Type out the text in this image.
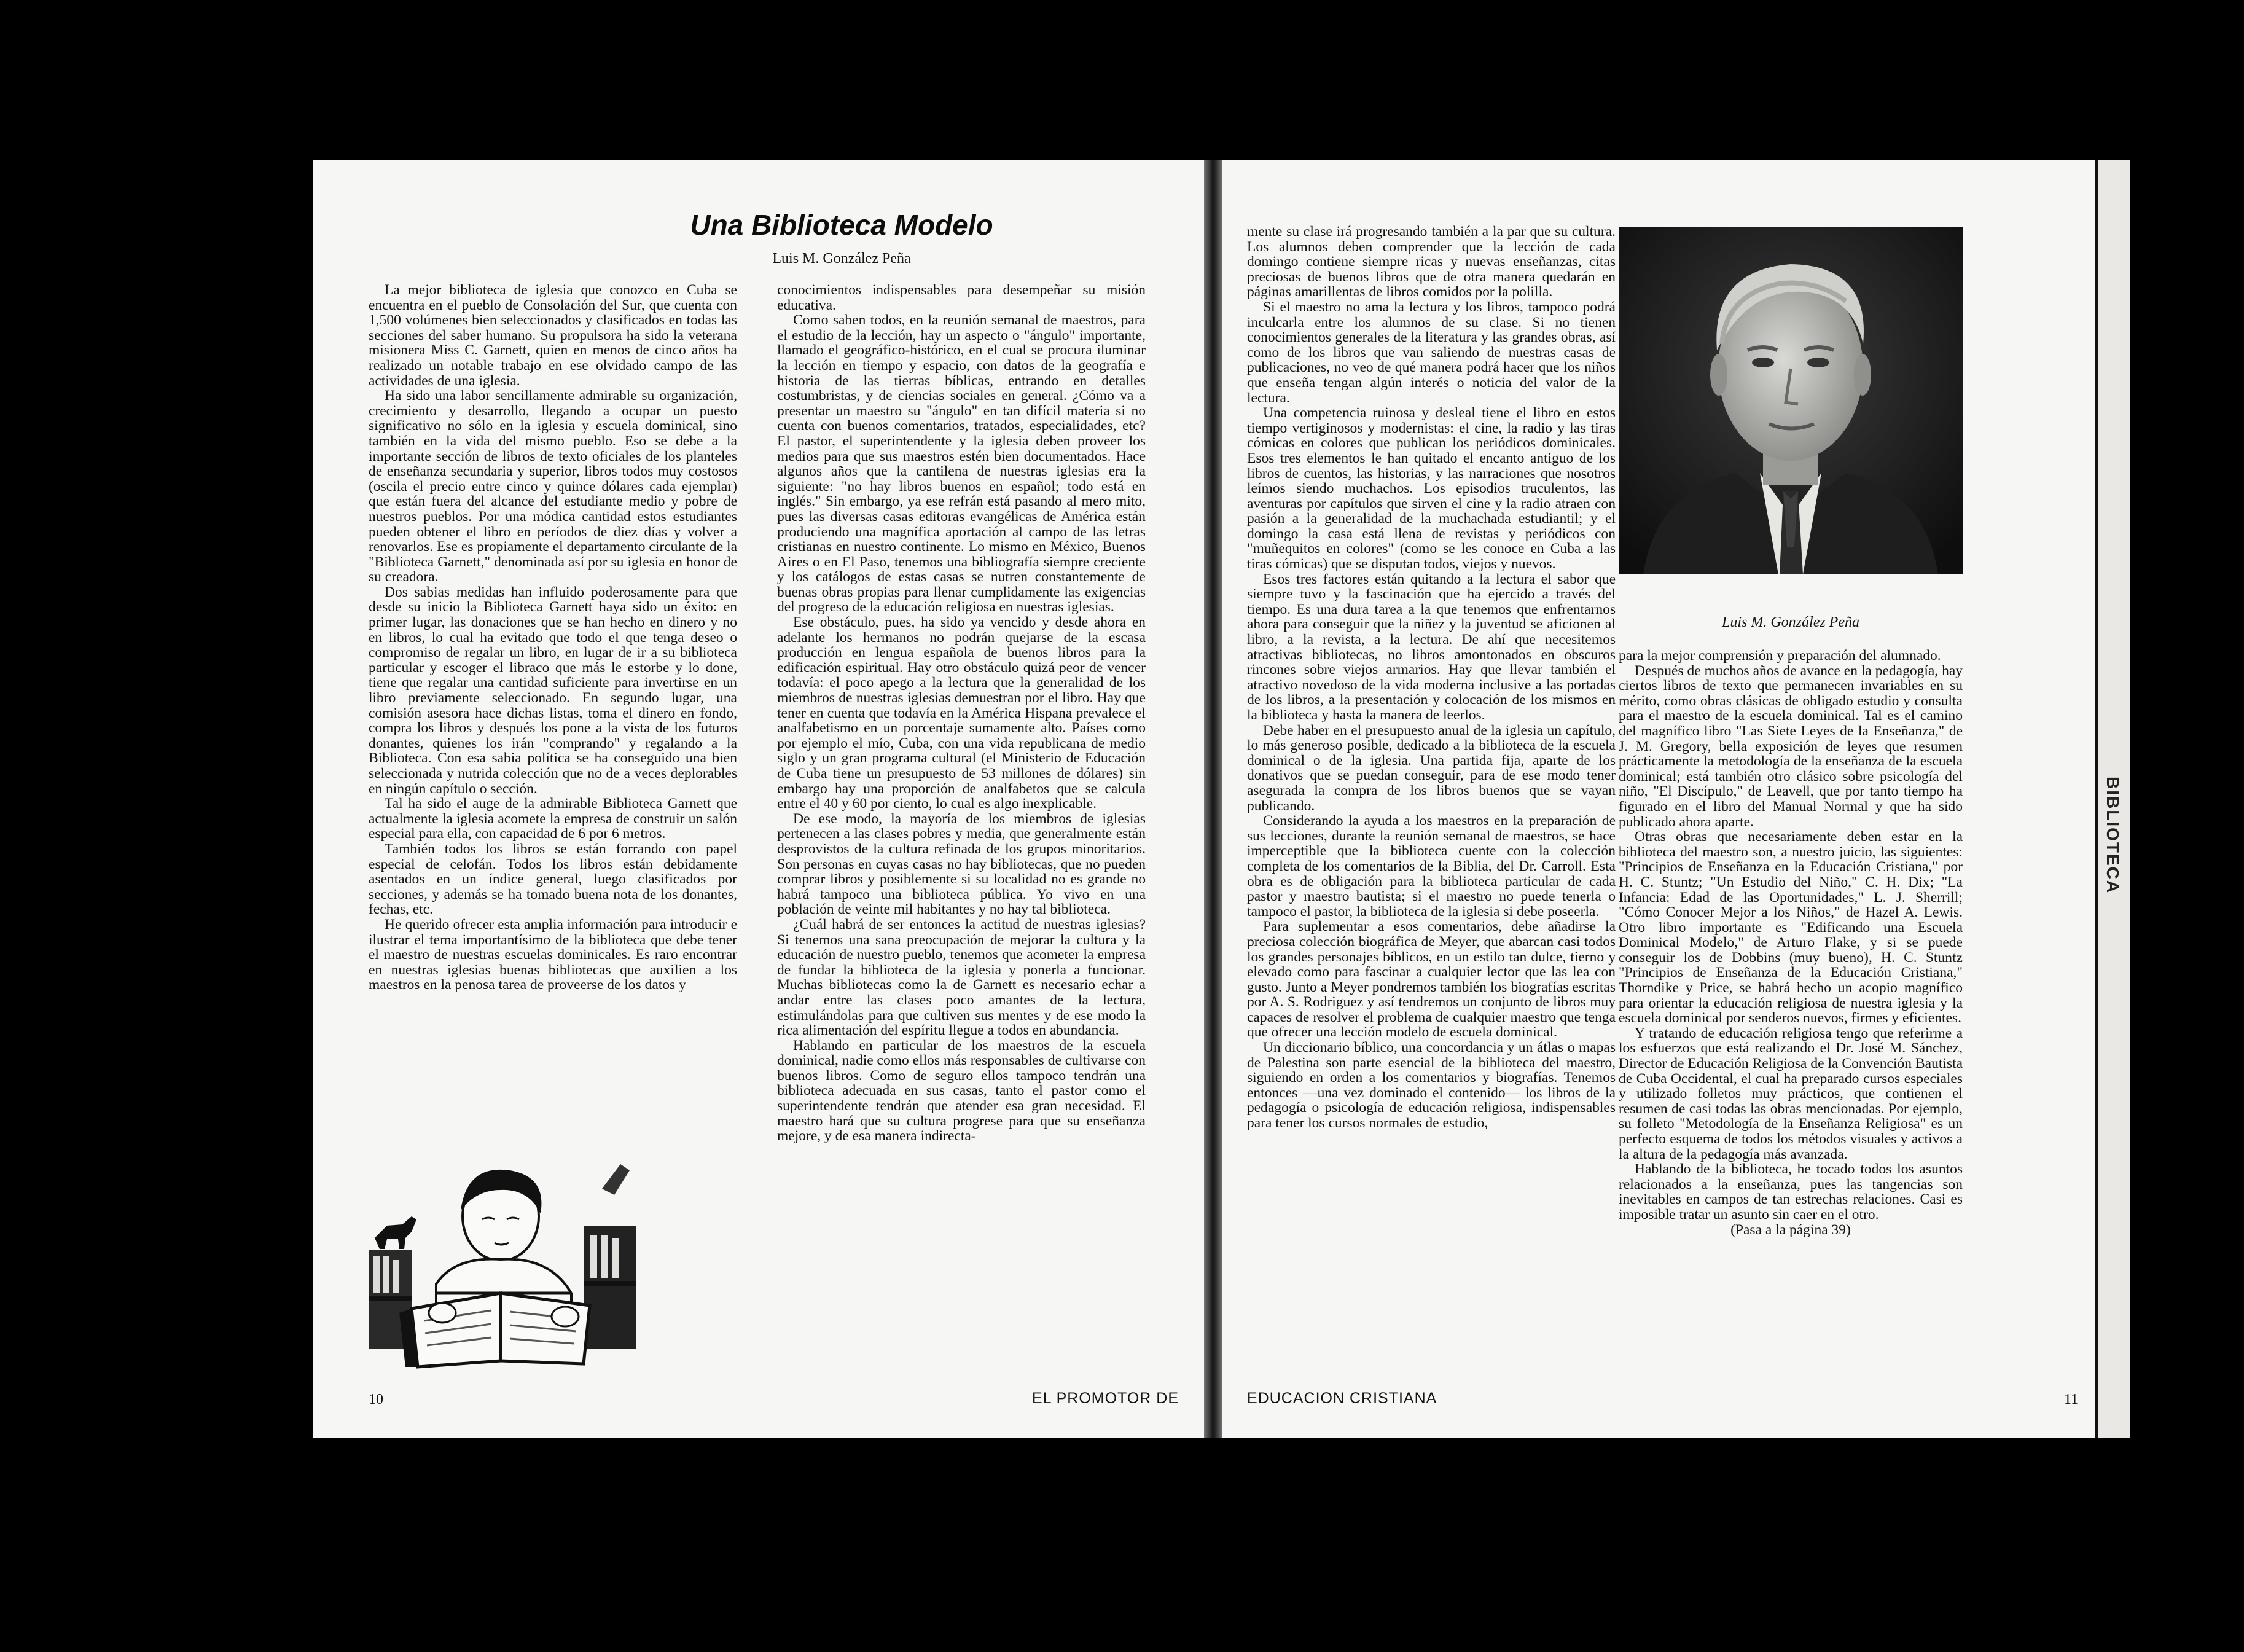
Una Biblioteca Modelo
Luis M. González Peña

La mejor biblioteca de iglesia que conozco en Cuba se encuentra en el pueblo de Consolación del Sur, que cuenta con 1,500 volúmenes bien seleccionados y clasificados en todas las secciones del saber humano. Su propulsora ha sido la veterana misionera Miss C. Garnett, quien en menos de cinco años ha realizado un notable trabajo en ese olvidado campo de las actividades de una iglesia.

Ha sido una labor sencillamente admirable su organización, crecimiento y desarrollo, llegando a ocupar un puesto significativo no sólo en la iglesia y escuela dominical, sino también en la vida del mismo pueblo. Eso se debe a la importante sección de libros de texto oficiales de los planteles de enseñanza secundaria y superior, libros todos muy costosos (oscila el precio entre cinco y quince dólares cada ejemplar) que están fuera del alcance del estudiante medio y pobre de nuestros pueblos. Por una módica cantidad estos estudiantes pueden obtener el libro en períodos de diez días y volver a renovarlos. Ese es propiamente el departamento circulante de la "Biblioteca Garnett," denominada así por su iglesia en honor de su creadora.

Dos sabias medidas han influido poderosamente para que desde su inicio la Biblioteca Garnett haya sido un éxito: en primer lugar, las donaciones que se han hecho en dinero y no en libros, lo cual ha evitado que todo el que tenga deseo o compromiso de regalar un libro, en lugar de ir a su biblioteca particular y escoger el libraco que más le estorbe y lo done, tiene que regalar una cantidad suficiente para invertirse en un libro previamente seleccionado. En segundo lugar, una comisión asesora hace dichas listas, toma el dinero en fondo, compra los libros y después los pone a la vista de los futuros donantes, quienes los irán "comprando" y regalando a la Biblioteca. Con esa sabia política se ha conseguido una bien seleccionada y nutrida colección que no de a veces deplorables en ningún capítulo o sección.

Tal ha sido el auge de la admirable Biblioteca Garnett que actualmente la iglesia acomete la empresa de construir un salón especial para ella, con capacidad de 6 por 6 metros.

También todos los libros se están forrando con papel especial de celofán. Todos los libros están debidamente asentados en un índice general, luego clasificados por secciones, y además se ha tomado buena nota de los donantes, fechas, etc.

He querido ofrecer esta amplia información para introducir e ilustrar el tema importantísimo de la biblioteca que debe tener el maestro de nuestras escuelas dominicales. Es raro encontrar en nuestras iglesias buenas bibliotecas que auxilien a los maestros en la penosa tarea de proveerse de los datos y

conocimientos indispensables para desempeñar su misión educativa.

Como saben todos, en la reunión semanal de maestros, para el estudio de la lección, hay un aspecto o "ángulo" importante, llamado el geográfico-histórico, en el cual se procura iluminar la lección en tiempo y espacio, con datos de la geografía e historia de las tierras bíblicas, entrando en detalles costumbristas, y de ciencias sociales en general. ¿Cómo va a presentar un maestro su "ángulo" en tan difícil materia si no cuenta con buenos comentarios, tratados, especialidades, etc? El pastor, el superintendente y la iglesia deben proveer los medios para que sus maestros estén bien documentados. Hace algunos años que la cantilena de nuestras iglesias era la siguiente: "no hay libros buenos en español; todo está en inglés." Sin embargo, ya ese refrán está pasando al mero mito, pues las diversas casas editoras evangélicas de América están produciendo una magnífica aportación al campo de las letras cristianas en nuestro continente. Lo mismo en México, Buenos Aires o en El Paso, tenemos una bibliografía siempre creciente y los catálogos de estas casas se nutren constantemente de buenas obras propias para llenar cumplidamente las exigencias del progreso de la educación religiosa en nuestras iglesias.

Ese obstáculo, pues, ha sido ya vencido y desde ahora en adelante los hermanos no podrán quejarse de la escasa producción en lengua española de buenos libros para la edificación espiritual. Hay otro obstáculo quizá peor de vencer todavía: el poco apego a la lectura que la generalidad de los miembros de nuestras iglesias demuestran por el libro. Hay que tener en cuenta que todavía en la América Hispana prevalece el analfabetismo en un porcentaje sumamente alto. Países como por ejemplo el mío, Cuba, con una vida republicana de medio siglo y un gran programa cultural (el Ministerio de Educación de Cuba tiene un presupuesto de 53 millones de dólares) sin embargo hay una proporción de analfabetos que se calcula entre el 40 y 60 por ciento, lo cual es algo inexplicable.

De ese modo, la mayoría de los miembros de iglesias pertenecen a las clases pobres y media, que generalmente están desprovistos de la cultura refinada de los grupos minoritarios. Son personas en cuyas casas no hay bibliotecas, que no pueden comprar libros y posiblemente si su localidad no es grande no habrá tampoco una biblioteca pública. Yo vivo en una población de veinte mil habitantes y no hay tal biblioteca.

¿Cuál habrá de ser entonces la actitud de nuestras iglesias? Si tenemos una sana preocupación de mejorar la cultura y la educación de nuestro pueblo, tenemos que acometer la empresa de fundar la biblioteca de la iglesia y ponerla a funcionar. Muchas bibliotecas como la de Garnett es necesario echar a andar entre las clases poco amantes de la lectura, estimulándolas para que cultiven sus mentes y de ese modo la rica alimentación del espíritu llegue a todos en abundancia.

Hablando en particular de los maestros de la escuela dominical, nadie como ellos más responsables de cultivarse con buenos libros. Como de seguro ellos tampoco tendrán una biblioteca adecuada en sus casas, tanto el pastor como el superintendente tendrán que atender esa gran necesidad. El maestro hará que su cultura progrese para que su enseñanza mejore, y de esa manera indirecta-

10	EL PROMOTOR DE

mente su clase irá progresando también a la par que su cultura. Los alumnos deben comprender que la lección de cada domingo contiene siempre ricas y nuevas enseñanzas, citas preciosas de buenos libros que de otra manera quedarán en páginas amarillentas de libros comidos por la polilla.

Si el maestro no ama la lectura y los libros, tampoco podrá inculcarla entre los alumnos de su clase. Si no tienen conocimientos generales de la literatura y las grandes obras, así como de los libros que van saliendo de nuestras casas de publicaciones, no veo de qué manera podrá hacer que los niños que enseña tengan algún interés o noticia del valor de la lectura.

Una competencia ruinosa y desleal tiene el libro en estos tiempo vertiginosos y modernistas: el cine, la radio y las tiras cómicas en colores que publican los periódicos dominicales. Esos tres elementos le han quitado el encanto antiguo de los libros de cuentos, las historias, y las narraciones que nosotros leímos siendo muchachos. Los episodios truculentos, las aventuras por capítulos que sirven el cine y la radio atraen con pasión a la generalidad de la muchachada estudiantil; y el domingo la casa está llena de revistas y periódicos con "muñequitos en colores" (como se les conoce en Cuba a las tiras cómicas) que se disputan todos, viejos y nuevos.

Esos tres factores están quitando a la lectura el sabor que siempre tuvo y la fascinación que ha ejercido a través del tiempo. Es una dura tarea a la que tenemos que enfrentarnos ahora para conseguir que la niñez y la juventud se aficionen al libro, a la revista, a la lectura. De ahí que necesitemos atractivas bibliotecas, no libros amontonados en obscuros rincones sobre viejos armarios. Hay que llevar también el atractivo novedoso de la vida moderna inclusive a las portadas de los libros, a la presentación y colocación de los mismos en la biblioteca y hasta la manera de leerlos.

Debe haber en el presupuesto anual de la iglesia un capítulo, lo más generoso posible, dedicado a la biblioteca de la escuela dominical o de la iglesia. Una partida fija, aparte de los donativos que se puedan conseguir, para de ese modo tener asegurada la compra de los libros buenos que se vayan publicando.

Considerando la ayuda a los maestros en la preparación de sus lecciones, durante la reunión semanal de maestros, se hace imperceptible que la biblioteca cuente con la colección completa de los comentarios de la Biblia, del Dr. Carroll. Esta obra es de obligación para la biblioteca particular de cada pastor y maestro bautista; si el maestro no puede tenerla o tampoco el pastor, la biblioteca de la iglesia si debe poseerla.

Para suplementar a esos comentarios, debe añadirse la preciosa colección biográfica de Meyer, que abarcan casi todos los grandes personajes bíblicos, en un estilo tan dulce, tierno y elevado como para fascinar a cualquier lector que las lea con gusto. Junto a Meyer pondremos también los biografías escritas por A. S. Rodriguez y así tendremos un conjunto de libros muy capaces de resolver el problema de cualquier maestro que tenga que ofrecer una lección modelo de escuela dominical.

Un diccionario bíblico, una concordancia y un átlas o mapas de Palestina son parte esencial de la biblioteca del maestro, siguiendo en orden a los comentarios y biografías. Tenemos entonces —una vez dominado el contenido— los libros de la pedagogía o psicología de educación religiosa, indispensables para tener los cursos normales de estudio,

Luis M. González Peña

para la mejor comprensión y preparación del alumnado.

Después de muchos años de avance en la pedagogía, hay ciertos libros de texto que permanecen invariables en su mérito, como obras clásicas de obligado estudio y consulta para el maestro de la escuela dominical. Tal es el camino del magnífico libro "Las Siete Leyes de la Enseñanza," de J. M. Gregory, bella exposición de leyes que resumen prácticamente la metodología de la enseñanza de la escuela dominical; está también otro clásico sobre psicología del niño, "El Discípulo," de Leavell, que por tanto tiempo ha figurado en el libro del Manual Normal y que ha sido publicado ahora aparte.

Otras obras que necesariamente deben estar en la biblioteca del maestro son, a nuestro juicio, las siguientes: "Principios de Enseñanza en la Educación Cristiana," por H. C. Stuntz; "Un Estudio del Niño," C. H. Dix; "La Infancia: Edad de las Oportunidades," L. J. Sherrill; "Cómo Conocer Mejor a los Niños," de Hazel A. Lewis. Otro libro importante es "Edificando una Escuela Dominical Modelo," de Arturo Flake, y si se puede conseguir los de Dobbins (muy bueno), H. C. Stuntz "Principios de Enseñanza de la Educación Cristiana," Thorndike y Price, se habrá hecho un acopio magnífico para orientar la educación religiosa de nuestra iglesia y la escuela dominical por senderos nuevos, firmes y eficientes.

Y tratando de educación religiosa tengo que referirme a los esfuerzos que está realizando el Dr. José M. Sánchez, Director de Educación Religiosa de la Convención Bautista de Cuba Occidental, el cual ha preparado cursos especiales y utilizado folletos muy prácticos, que contienen el resumen de casi todas las obras mencionadas. Por ejemplo, su folleto "Metodología de la Enseñanza Religiosa" es un perfecto esquema de todos los métodos visuales y activos a la altura de la pedagogía más avanzada.

Hablando de la biblioteca, he tocado todos los asuntos relacionados a la enseñanza, pues las tangencias son inevitables en campos de tan estrechas relaciones. Casi es imposible tratar un asunto sin caer en el otro.

(Pasa a la página 39)

EDUCACION CRISTIANA	11
BIBLIOTECA
